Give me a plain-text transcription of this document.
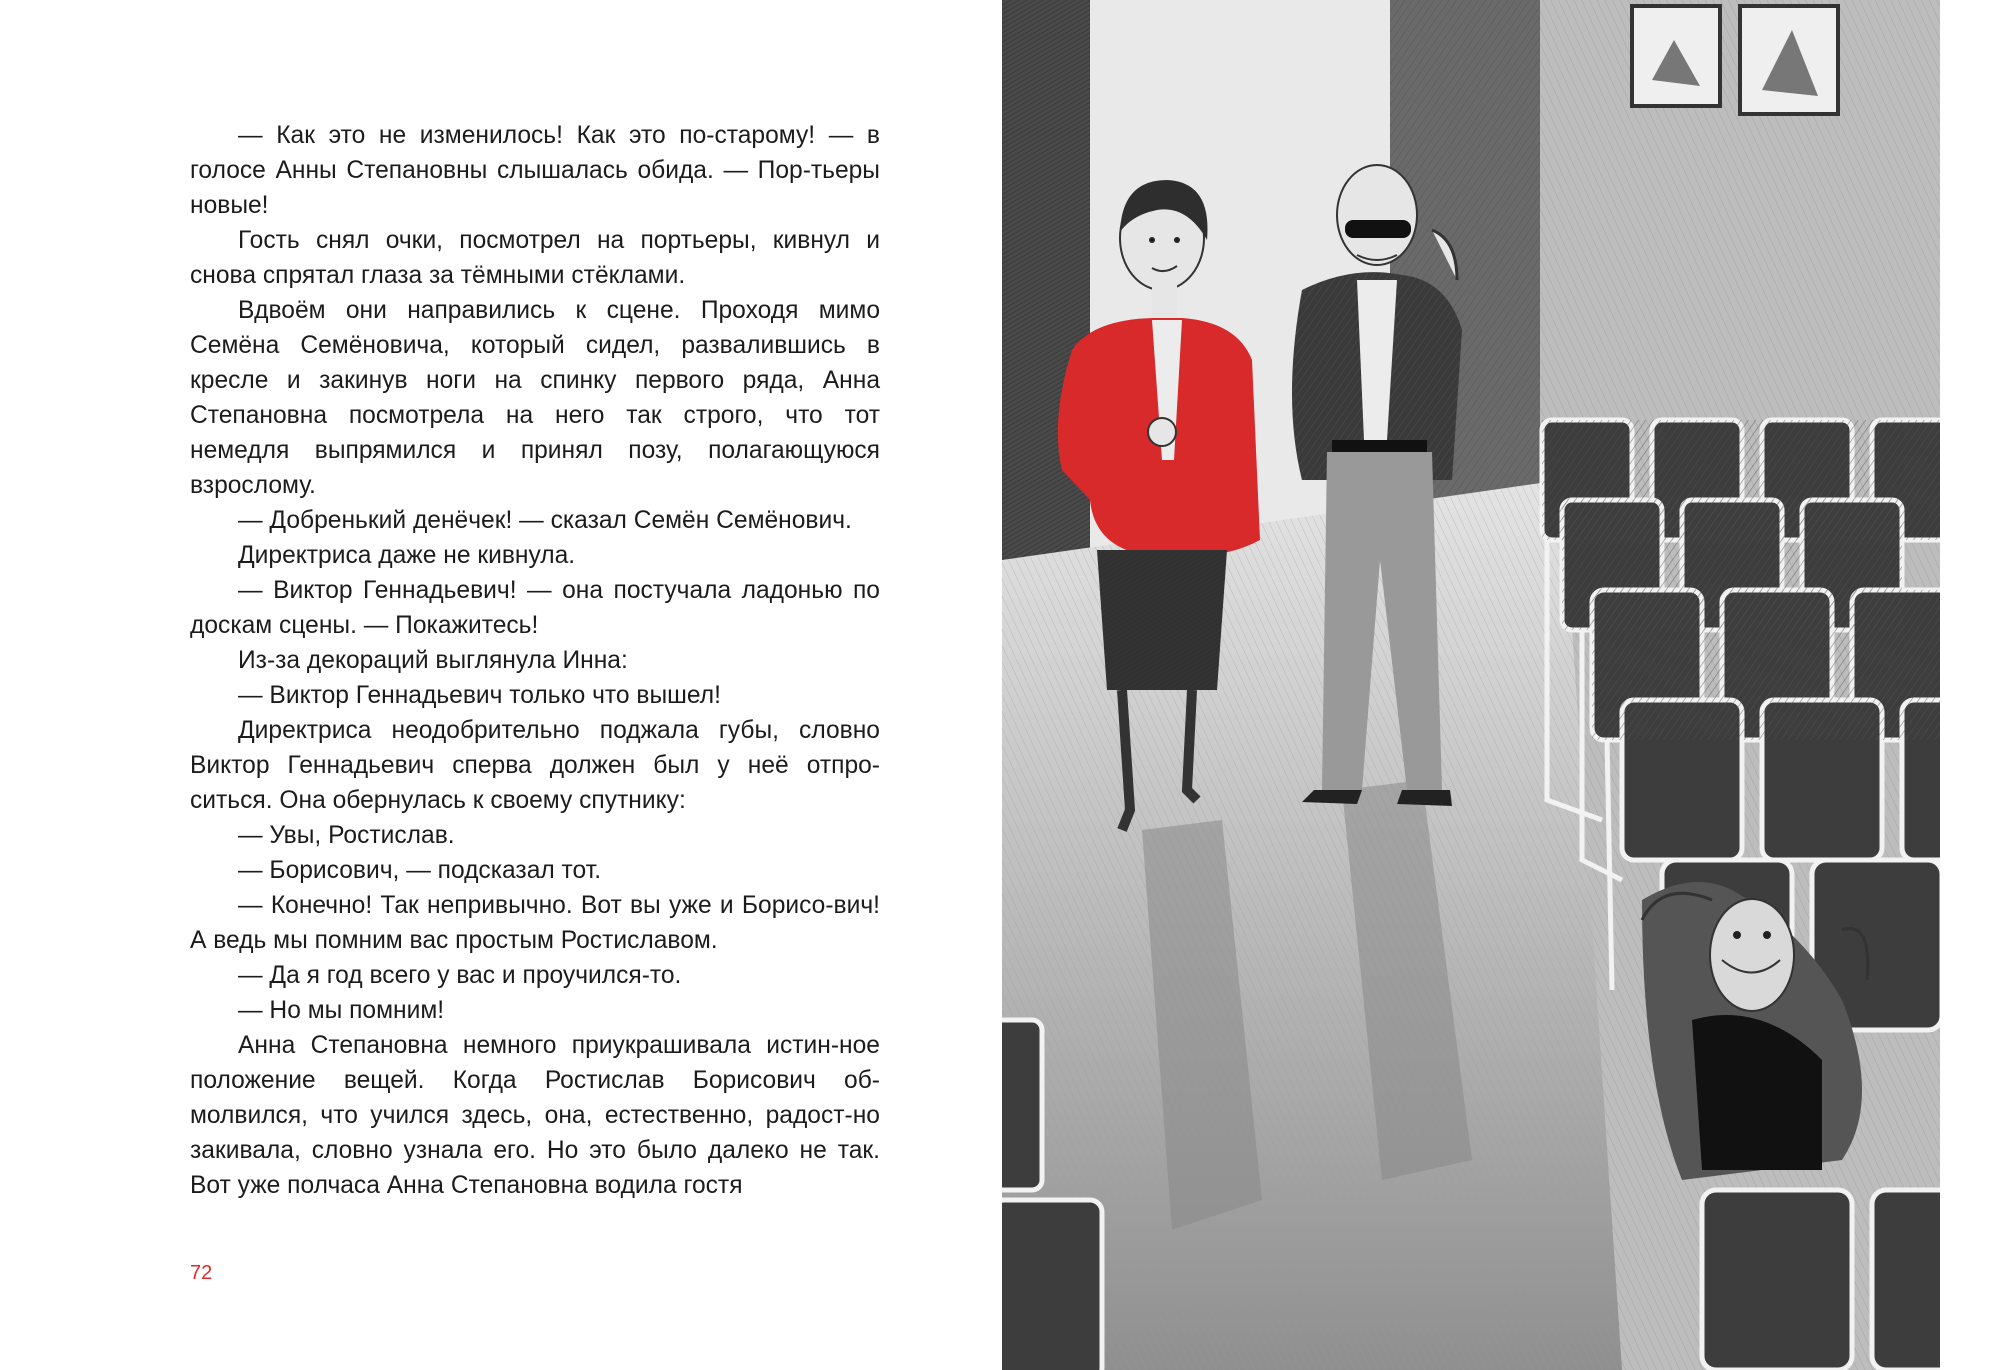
— Как это не изменилось! Как это по-старому! — в голосе Анны Степановны слышалась обида. — Пор-тьеры новые!

Гость снял очки, посмотрел на портьеры, кивнул и снова спрятал глаза за тёмными стёклами.

Вдвоём они направились к сцене. Проходя мимо Семёна Семёновича, который сидел, развалившись в кресле и закинув ноги на спинку первого ряда, Анна Степановна посмотрела на него так строго, что тот немедля выпрямился и принял позу, полагающуюся взрослому.

— Добренький денёчек! — сказал Семён Семёнович.

Директриса даже не кивнула.

— Виктор Геннадьевич! — она постучала ладонью по доскам сцены. — Покажитесь!

Из-за декораций выглянула Инна:

— Виктор Геннадьевич только что вышел!

Директриса неодобрительно поджала губы, словно Виктор Геннадьевич сперва должен был у неё отпро-ситься. Она обернулась к своему спутнику:

— Увы, Ростислав.

— Борисович, — подсказал тот.

— Конечно! Так непривычно. Вот вы уже и Борисо-вич! А ведь мы помним вас простым Ростиславом.

— Да я год всего у вас и проучился-то.

— Но мы помним!

Анна Степановна немного приукрашивала истин-ное положение вещей. Когда Ростислав Борисович об-молвился, что учился здесь, она, естественно, радост-но закивала, словно узнала его. Но это было далеко не так. Вот уже полчаса Анна Степановна водила гостя

72
